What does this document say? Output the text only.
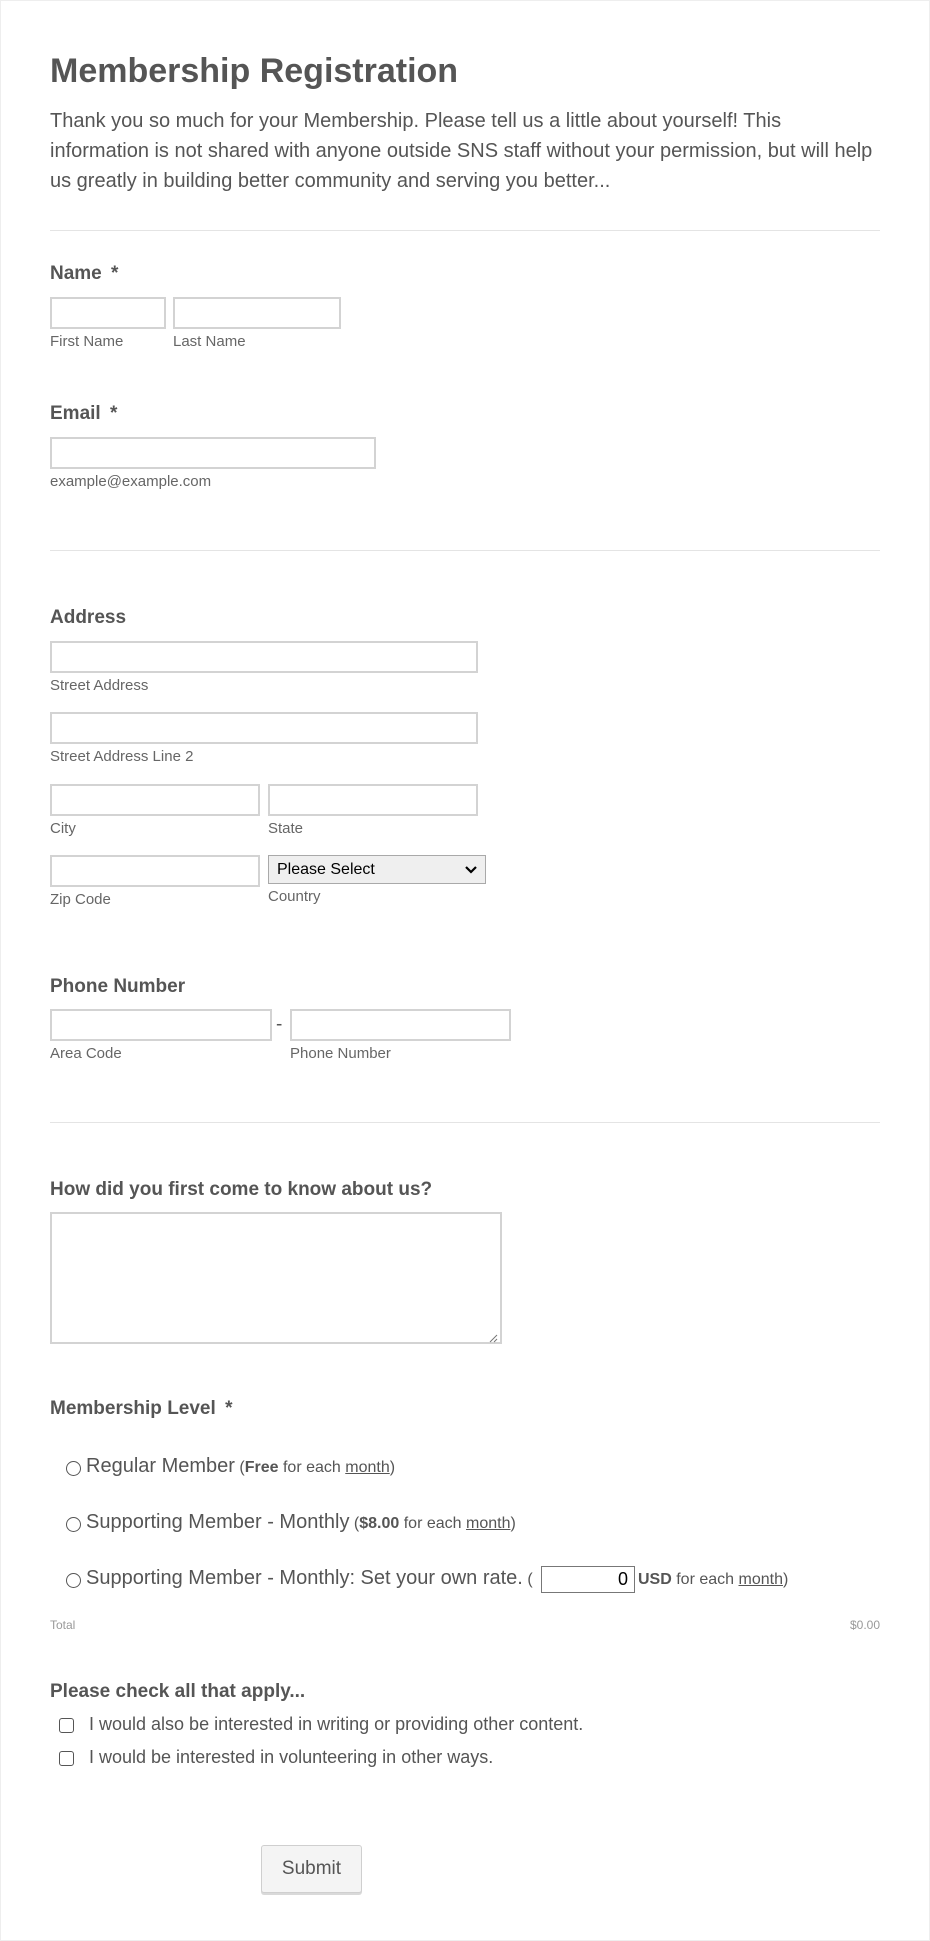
Membership Registration
Thank you so much for your Membership. Please tell us a little about yourself! This information is not shared with anyone outside SNS staff without your permission, but will help us greatly in building better community and serving you better...
Name *
First Name	Last Name
Email *
example@example.com
Address
Street Address
Street Address Line 2
City	State
Please Select
Zip Code	Country
Phone Number
-
Area Code	Phone Number
How did you first come to know about us?
Membership Level *
Regular Member (Free for each month)
Supporting Member - Monthly ($8.00 for each month)
Supporting Member - Monthly: Set your own rate. (	0 USD for each month)
Total	$0.00
Please check all that apply...
I would also be interested in writing or providing other content.
I would be interested in volunteering in other ways.
Submit
